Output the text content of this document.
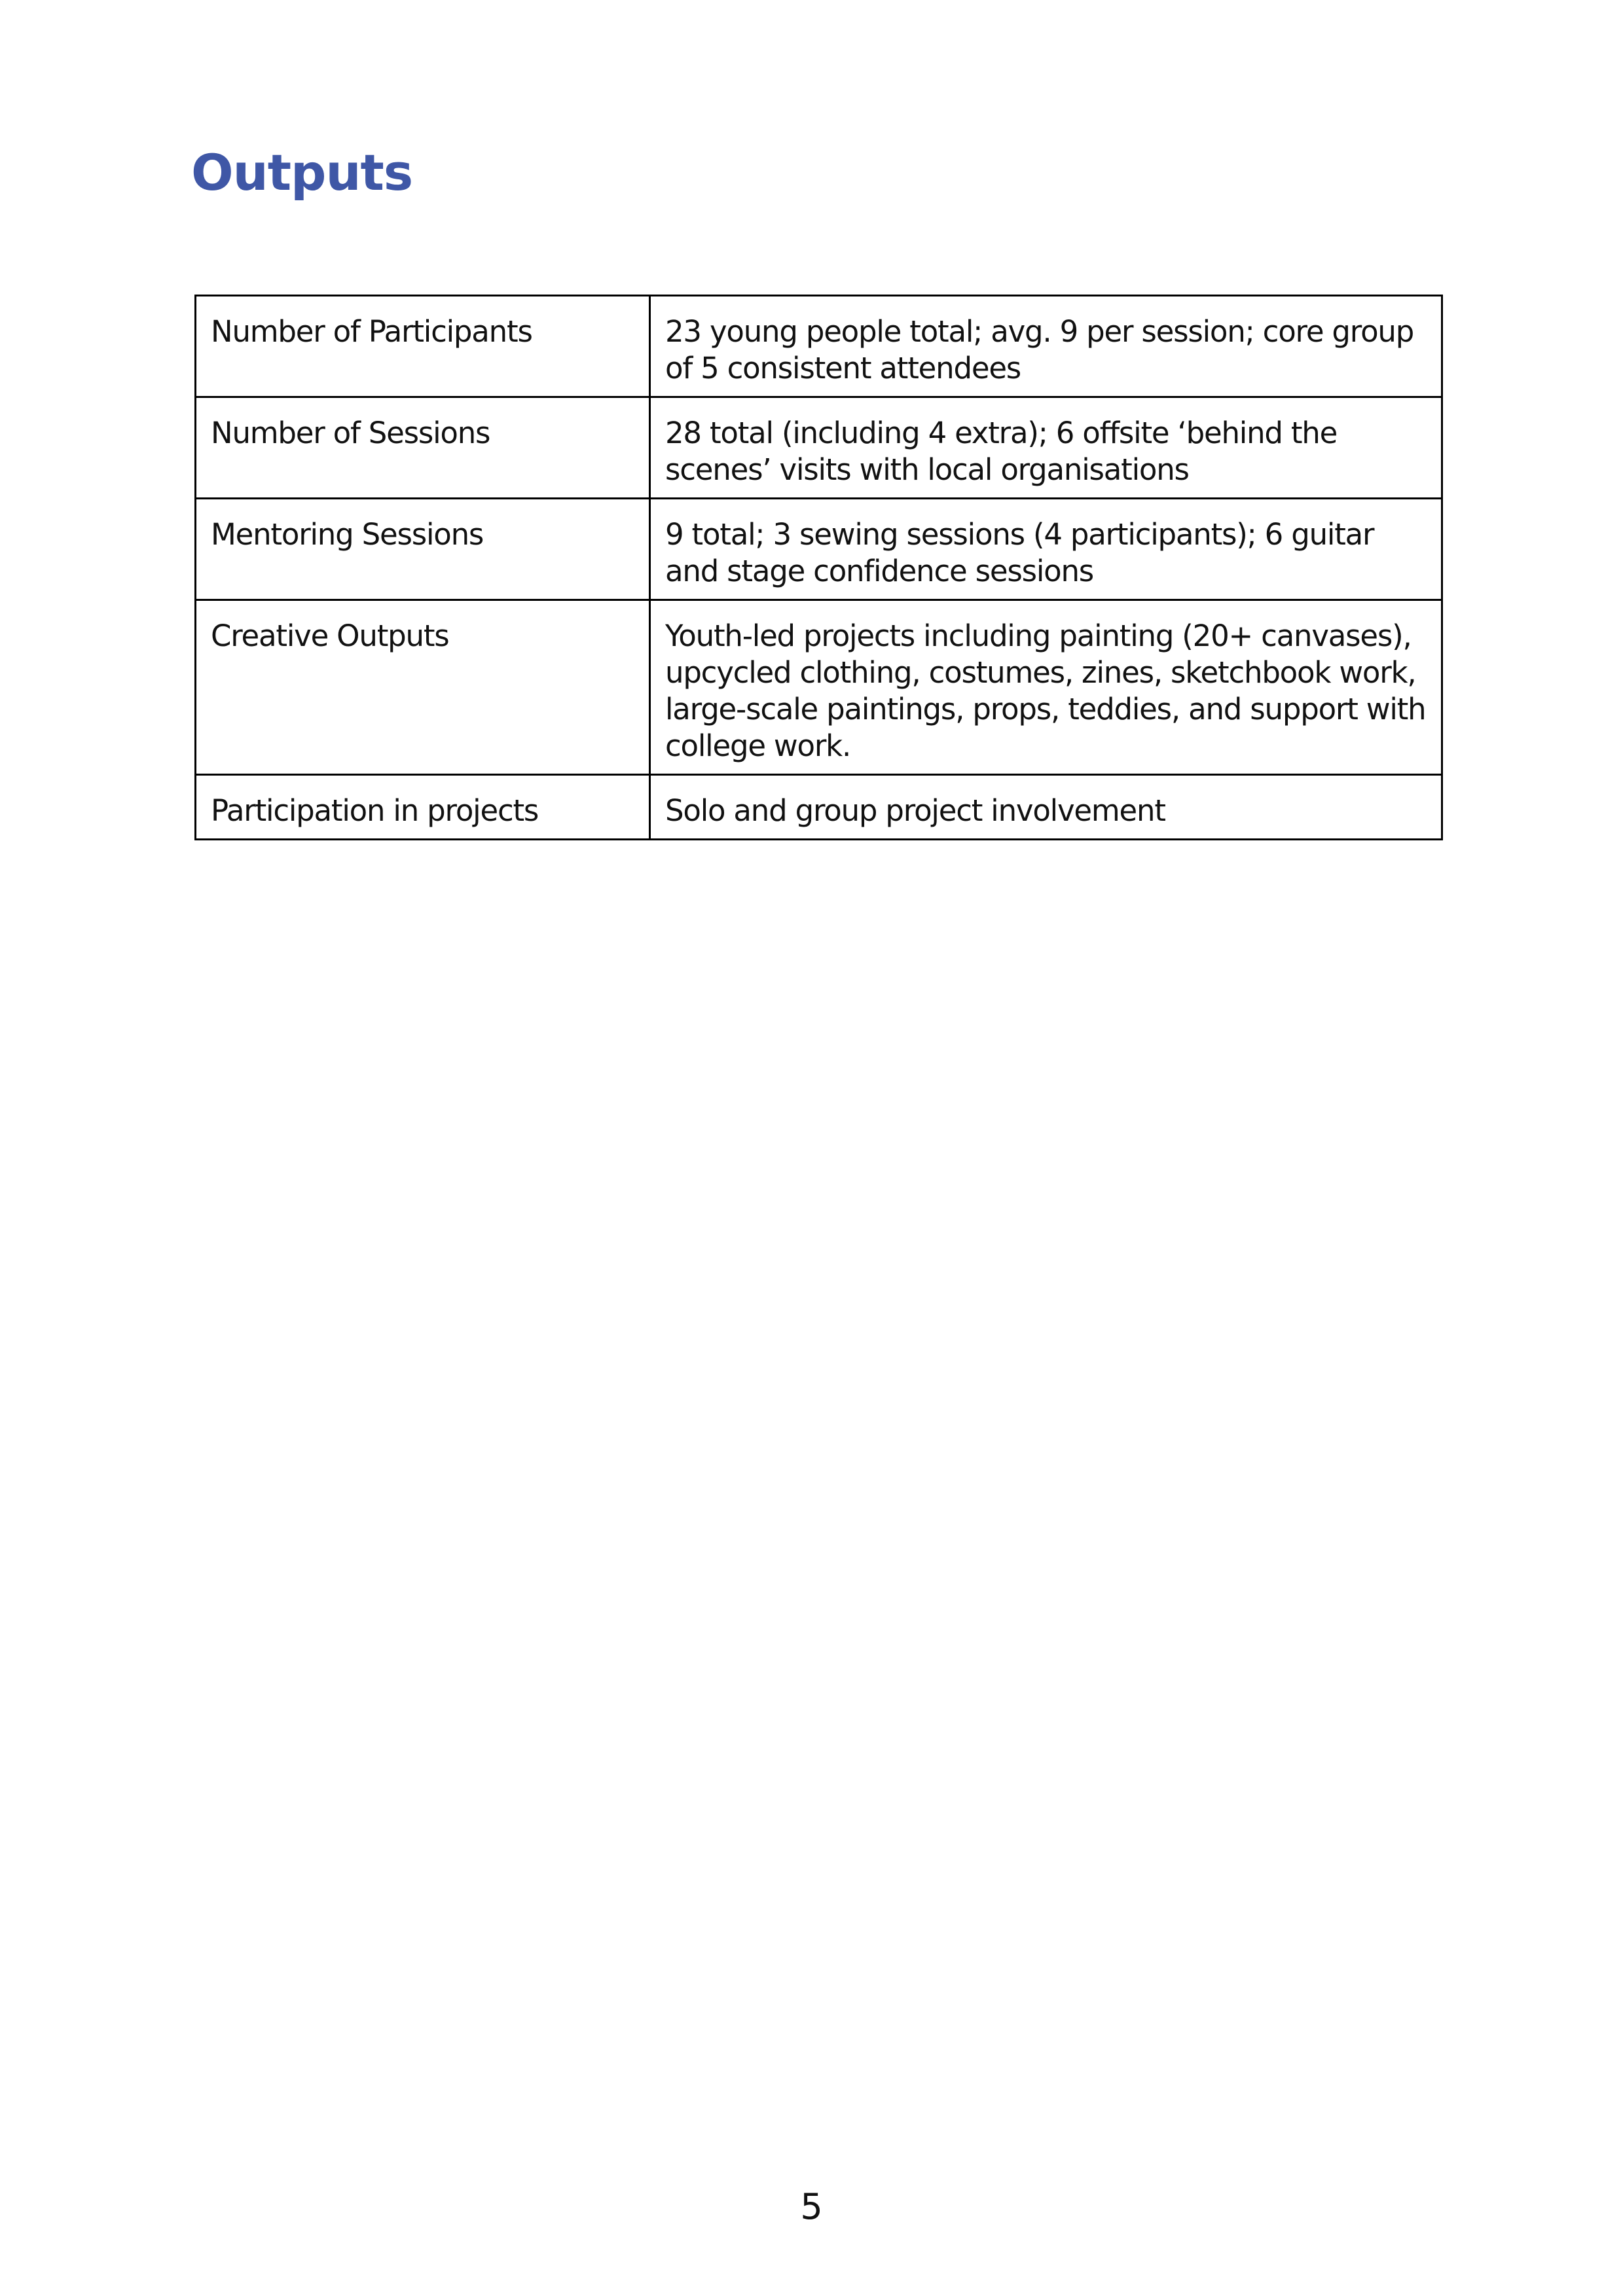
Outputs
Number of Participants	23 young people total; avg. 9 per session; core group of 5 consistent attendees
Number of Sessions	28 total (including 4 extra); 6 offsite ‘behind the scenes’ visits with local organisations
Mentoring Sessions	9 total; 3 sewing sessions (4 participants); 6 guitar and stage confidence sessions
Creative Outputs	Youth-led projects including painting (20+ canvases), upcycled clothing, costumes, zines, sketchbook work, large-scale paintings, props, teddies, and support with college work.
Participation in projects	Solo and group project involvement
5
